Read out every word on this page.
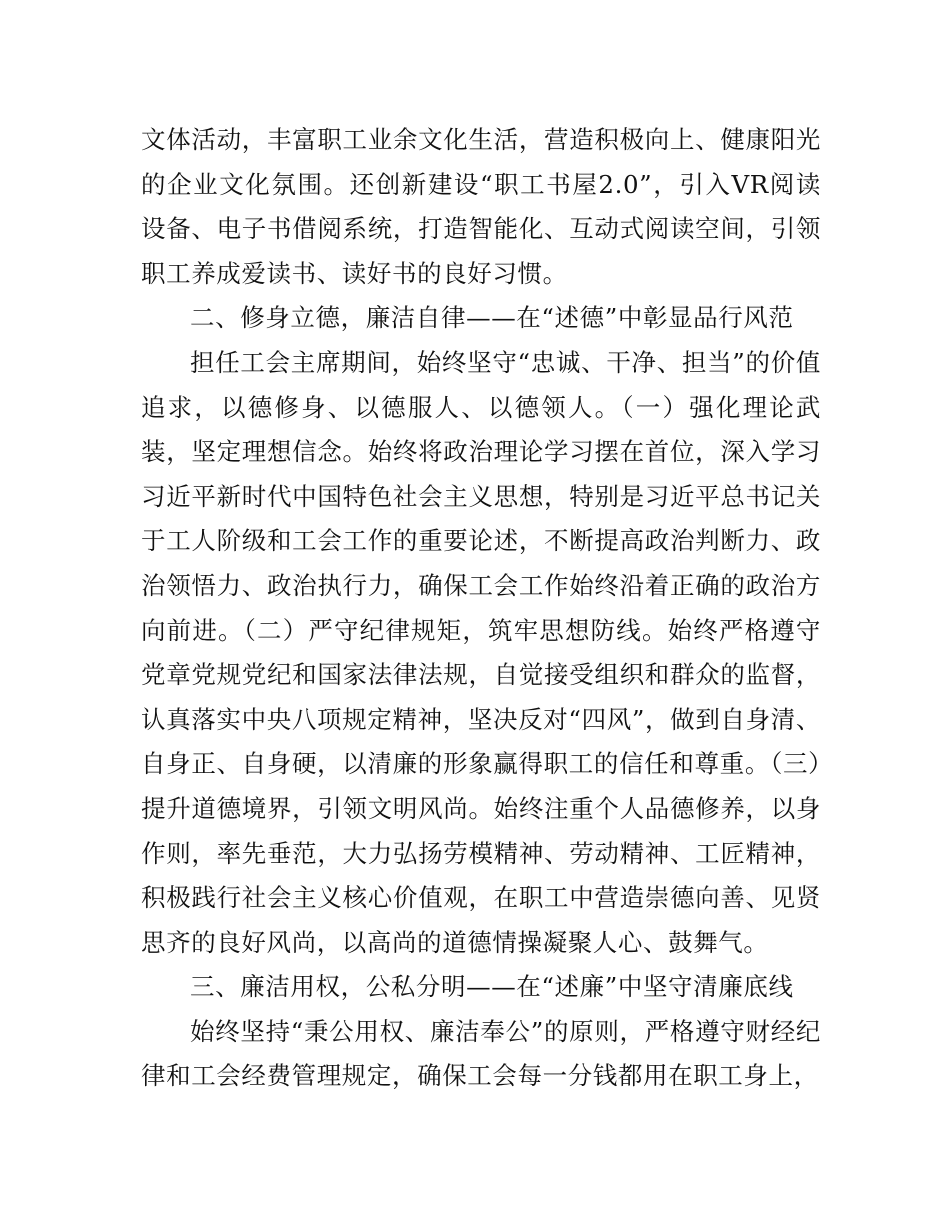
文体活动，丰富职工业余文化生活，营造积极向上、健康阳光的企业文化氛围。还创新建设“职工书屋2.0”，引入VR阅读设备、电子书借阅系统，打造智能化、互动式阅读空间，引领职工养成爱读书、读好书的良好习惯。

二、修身立德，廉洁自律——在“述德”中彰显品行风范

担任工会主席期间，始终坚守“忠诚、干净、担当”的价值追求，以德修身、以德服人、以德领人。（一）强化理论武装，坚定理想信念。始终将政治理论学习摆在首位，深入学习习近平新时代中国特色社会主义思想，特别是习近平总书记关于工人阶级和工会工作的重要论述，不断提高政治判断力、政治领悟力、政治执行力，确保工会工作始终沿着正确的政治方向前进。（二）严守纪律规矩，筑牢思想防线。始终严格遵守党章党规党纪和国家法律法规，自觉接受组织和群众的监督，认真落实中央八项规定精神，坚决反对“四风”，做到自身清、自身正、自身硬，以清廉的形象赢得职工的信任和尊重。（三）提升道德境界，引领文明风尚。始终注重个人品德修养，以身作则，率先垂范，大力弘扬劳模精神、劳动精神、工匠精神，积极践行社会主义核心价值观，在职工中营造崇德向善、见贤思齐的良好风尚，以高尚的道德情操凝聚人心、鼓舞气。

三、廉洁用权，公私分明——在“述廉”中坚守清廉底线

始终坚持“秉公用权、廉洁奉公”的原则，严格遵守财经纪律和工会经费管理规定，确保工会每一分钱都用在职工身上，
